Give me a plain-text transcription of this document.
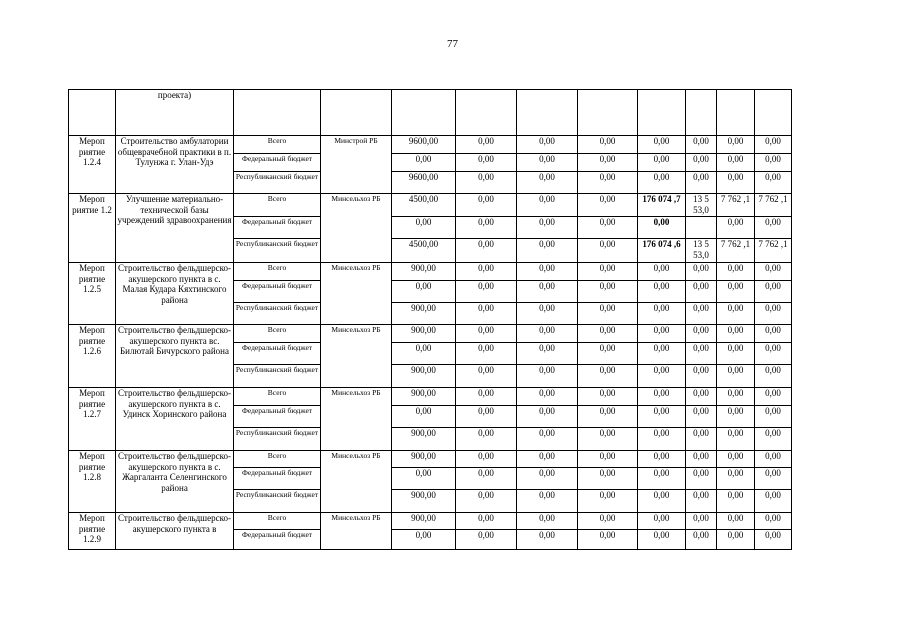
77
	проекта)										
Мероп риятие 1.2.4	Строительство амбулатории общеврачебной практики в п. Тулунжа г. Улан-Удэ	Всего	Минстрой РБ	9600,00	0,00	0,00	0,00	0,00	0,00	0,00	0,00
		Федеральный бюджет		0,00	0,00	0,00	0,00	0,00	0,00	0,00	0,00
		Республиканский бюджет		9600,00	0,00	0,00	0,00	0,00	0,00	0,00	0,00
Мероп риятие 1.2	Улучшение материально-технической базы учреждений здравоохранения	Всего	Минсельхоз РБ	4500,00	0,00	0,00	0,00	176 074 ,7	13 5 53,0	7 762 ,1	7 762 ,1
		Федеральный бюджет		0,00	0,00	0,00	0,00	0,00		0,00	0,00
		Республиканский бюджет		4500,00	0,00	0,00	0,00	176 074 ,6	13 5 53,0	7 762 ,1	7 762 ,1
Мероп риятие 1.2.5	Строительство фельдшерско-акушерского пункта в с. Малая Кудара Кяхтинского района	Всего	Минсельхоз РБ	900,00	0,00	0,00	0,00	0,00	0,00	0,00	0,00
		Федеральный бюджет		0,00	0,00	0,00	0,00	0,00	0,00	0,00	0,00
		Республиканский бюджет		900,00	0,00	0,00	0,00	0,00	0,00	0,00	0,00
Мероп риятие 1.2.6	Строительство фельдшерско-акушерского пункта вс. Билютай Бичурского района	Всего	Минсельхоз РБ	900,00	0,00	0,00	0,00	0,00	0,00	0,00	0,00
		Федеральный бюджет		0,00	0,00	0,00	0,00	0,00	0,00	0,00	0,00
		Республиканский бюджет		900,00	0,00	0,00	0,00	0,00	0,00	0,00	0,00
Мероп риятие 1.2.7	Строительство фельдшерско-акушерского пункта в с. Удинск Хоринского района	Всего	Минсельхоз РБ	900,00	0,00	0,00	0,00	0,00	0,00	0,00	0,00
		Федеральный бюджет		0,00	0,00	0,00	0,00	0,00	0,00	0,00	0,00
		Республиканский бюджет		900,00	0,00	0,00	0,00	0,00	0,00	0,00	0,00
Мероп риятие 1.2.8	Строительство фельдшерско-акушерского пункта в с. Жаргаланта Селенгинского района	Всего	Минсельхоз РБ	900,00	0,00	0,00	0,00	0,00	0,00	0,00	0,00
		Федеральный бюджет		0,00	0,00	0,00	0,00	0,00	0,00	0,00	0,00
		Республиканский бюджет		900,00	0,00	0,00	0,00	0,00	0,00	0,00	0,00
Мероп риятие 1.2.9	Строительство фельдшерско-акушерского пункта в	Всего	Минсельхоз РБ	900,00	0,00	0,00	0,00	0,00	0,00	0,00	0,00
		Федеральный бюджет		0,00	0,00	0,00	0,00	0,00	0,00	0,00	0,00
